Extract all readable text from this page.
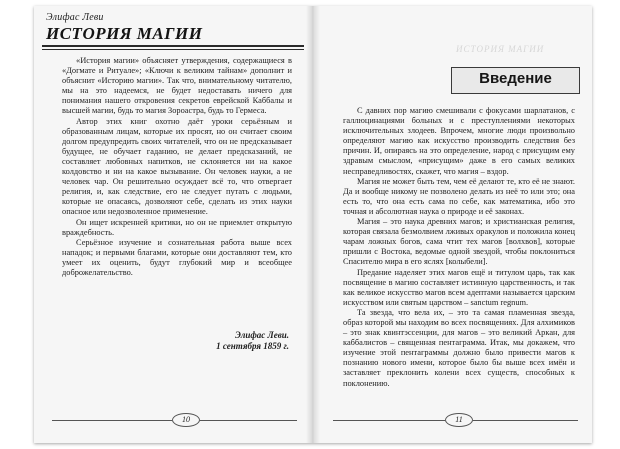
Элифас Леви
ИСТОРИЯ МАГИИ

«История магии» объясняет утверждения, содержащиеся в «Догмате и Ритуале»; «Ключи к великим тайнам» дополнит и объяснит «Историю магии». Так что, внимательному читателю, мы на это надеемся, не будет недоставать ничего для понимания нашего откровения секретов еврейской Каббалы и высшей магии, будь то магия Зороастра, будь то Гермеса.

Автор этих книг охотно даёт уроки серьёзным и образованным лицам, которые их просят, но он считает своим долгом предупредить своих читателей, что он не предсказывает будущее, не обучает гаданию, не делает предсказаний, не составляет любовных напитков, не склоняется ни на какое колдовство и ни на какое вызывание. Он человек науки, а не человек чар. Он решительно осуждает всё то, что отвергает религия, и, как следствие, его не следует путать с людьми, которые не опасаясь, дозволяют себе, сделать из этих науки опасное или недозволенное применение.

Он ищет искренней критики, но он не приемлет открытую враждебность.

Серьёзное изучение и сознательная работа выше всех нападок; и первыми благами, которые они доставляют тем, кто умеет их оценить, будут глубокий мир и всеобщее доброжелательство.

Элифас Леви.
1 сентября 1859 г.
10
ИСТОРИЯ МАГИИ
Введение

С давних пор магию смешивали с фокусами шарлатанов, с галлюцинациями больных и с преступлениями некоторых исключительных злодеев. Впрочем, многие люди произвольно определяют магию как искусство производить следствия без причин. И, опираясь на это определение, народ с присущим ему здравым смыслом, «присущим» даже в его самых великих несправедливостях, скажет, что магия – вздор.

Магия не может быть тем, чем её делают те, кто её не знают. Да и вообще никому не позволено делать из неё то или это; она есть то, что она есть сама по себе, как математика, ибо это точная и абсолютная наука о природе и её законах.

Магия – это наука древних магов; и христианская религия, которая связала безмолвием лживых оракулов и положила конец чарам ложных богов, сама чтит тех магов [волхвов], которые пришли с Востока, ведомые одной звездой, чтобы поклониться Спасителю мира в его яслях [колыбели].

Предание наделяет этих магов ещё и титулом царь, так как посвящение в магию составляет истинную царственность, и так как великое искусство магов всем адептами называется царским искусством или святым царством – sanctum regnum.

Та звезда, что вела их, – это та самая пламенная звезда, образ которой мы находим во всех посвящениях. Для алхимиков – это знак квинтэссенции, для магов – это великий Аркан, для каббалистов – священная пентаграмма. Итак, мы докажем, что изучение этой пентаграммы должно было привести магов к познанию нового имени, которое было бы выше всех имён и заставляет преклонить колени всех существ, способных к поклонению.

11
